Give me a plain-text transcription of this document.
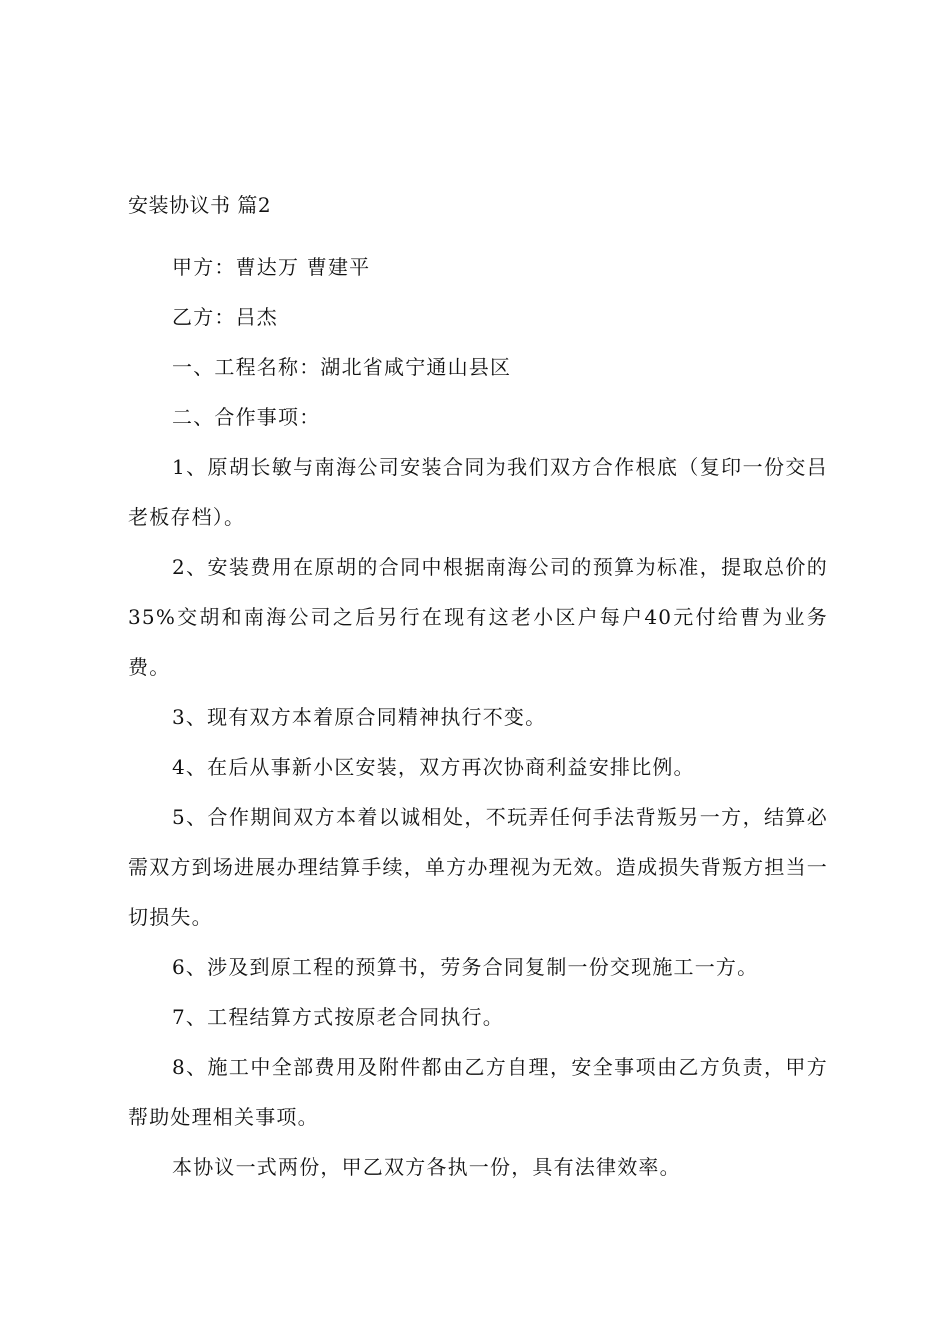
安装协议书 篇2

甲方：曹达万 曹建平

乙方：吕杰

一、工程名称：湖北省咸宁通山县区

二、合作事项：

1、原胡长敏与南海公司安装合同为我们双方合作根底（复印一份交吕老板存档）。

2、安装费用在原胡的合同中根据南海公司的预算为标准，提取总价的35%交胡和南海公司之后另行在现有这老小区户每户40元付给曹为业务费。

3、现有双方本着原合同精神执行不变。

4、在后从事新小区安装，双方再次协商利益安排比例。

5、合作期间双方本着以诚相处，不玩弄任何手法背叛另一方，结算必需双方到场进展办理结算手续，单方办理视为无效。造成损失背叛方担当一切损失。

6、涉及到原工程的预算书，劳务合同复制一份交现施工一方。

7、工程结算方式按原老合同执行。

8、施工中全部费用及附件都由乙方自理，安全事项由乙方负责，甲方帮助处理相关事项。

本协议一式两份，甲乙双方各执一份，具有法律效率。
